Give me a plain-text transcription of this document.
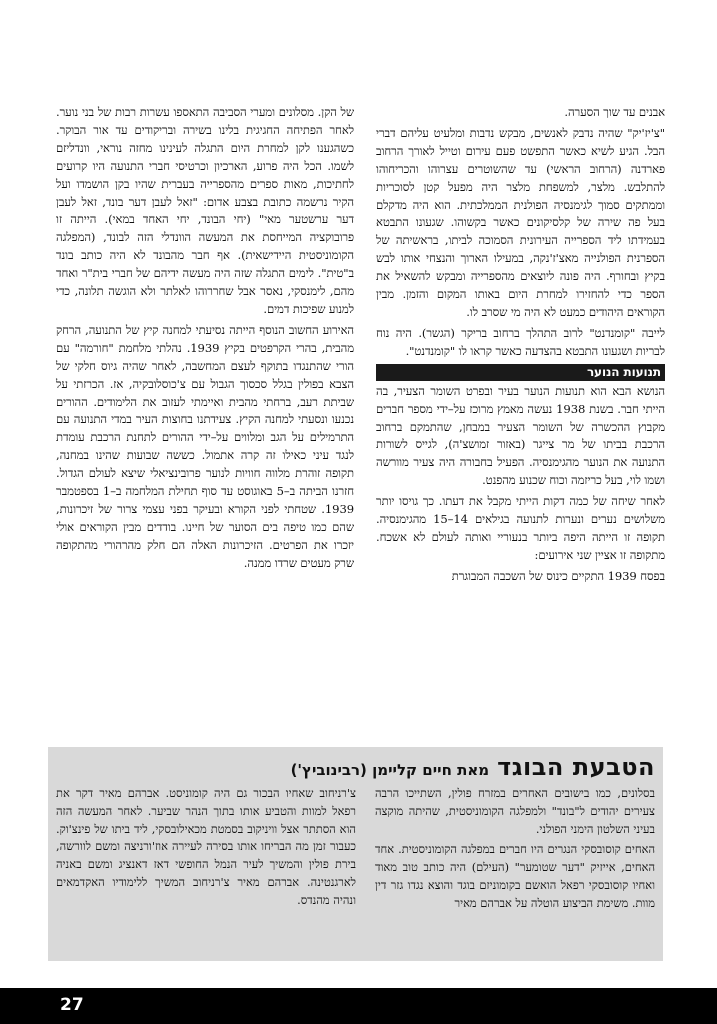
אבנים עד שוך הסערה.

"צ'יז'יק" שהיה נדבק לאנשים, מבקש נדבות ומלעיט עליהם דברי הבל. הגיע לשיא כאשר התפשט פעם עירום וטייל לאורך הרחוב פארדנה (הרחוב הראשי) עד שהשוטרים עצרוהו והכריחוהו להתלבש. מלצר, למשפחת מלצר היה מפעל קטן לסוכריות וממתקים סמוך לגימנסיה הפולנית הממלכתית. הוא היה מדקלם בעל פה שירה של קלסיקונים כאשר בקשוהו. שגעונו התבטא בעמידתו ליד הספרייה העירונית הסמוכה לביתו, בראשיתה של הספרנית הפולנייה מאצ'ז'נקה, במעילו הארוך והנצחי אותו לבש בקיץ ובחורף. היה פונה ליוצאים מהספרייה ומבקש להשאיל את הספר כדי להחזירו למחרת היום באותו המקום והזמן. מבין הקוראים היהודים כמעט לא היה מי שסרב לו.

לייבה "קומנדנט" לרוב התהלך ברחוב בריקר (הגשר). היה נוח לבריות ושגעונו התבטא בהצדעה כאשר קראו לו "קומנדנט".

תנועות הנוער

הנושא הבא הוא תנועות הנוער בעיר ובפרט השומר הצעיר, בה הייתי חבר. בשנת 1938 נעשה מאמץ מרוכז על–ידי מספר חברים מקבוץ ההכשרה של השומר הצעיר במבחן, שהתמקם ברחוב הרכבת בביתו של מר צייגר (באזור זמושצ'ה), לגייס לשורות התנועה את הנוער מהגימנסיה. הפעיל בחבורה היה צעיר מוורשה ושמו לוי, בעל כריזמה וכוח שכנוע מהפנט.

לאחר שיחה של כמה דקות הייתי מקבל את דעתו. כך גויסו יותר משלושים נערים ונערות לתנועה בגילאים 14–15 מהגימנסיה. תקופה זו הייתה היפה ביותר בנעוריי ואותה לעולם לא אשכח. מתקופה זו אציין שני אירועים:

בפסח 1939 התקיים כינוס של השכבה המבוגרת

של הקן. מסלונים ומערי הסביבה התאספו עשרות רבות של בני נוער. לאחר הפתיחה החגיגית בלינו בשירה ובריקודים עד אור הבוקר. כשהגענו לקן למחרת היום התגלה לעינינו מחזה נוראי, וונדליזם לשמו. הכל היה פרוע, הארכיון וכרטיסי חברי התנועה היו קרועים לחתיכות, מאות ספרים מהספרייה בעברית שהיו בקן הושמדו ועל הקיר נרשמה כתובת בצבע אדום: "זאל לעבן דער בונד, זאל לעבן דער ערשטער מאי" (יחי הבונד, יחי האחד במאי). הייתה זו פרובוקציה המייחסת את המעשה הוונדלי הזה לבונד, (המפלגה הקומוניסטית היידישאית). אף חבר מהבונד לא היה כותב בונד ב"טית". לימים התגלה שזה היה מעשה ידיהם של חברי בית"ר ואחד מהם, לימנסקי, נאסר אבל שחררוהו לאלתר ולא הוגשה תלונה, כדי למנוע שפיכות דמים.

האירוע החשוב הנוסף הייתה נסיעתי למחנה קיץ של התנועה, הרחק מהבית, בהרי הקרפטים בקיץ 1939. נהלתי מלחמת "חורמה" עם הורי שהתנגדו בתוקף לעצם המחשבה, לאחר שהיה גיוס חלקי של הצבא בפולין בגלל סכסוך הגבול עם צ'כוסלובקיה, אז. הכרזתי על שביתת רעב, ברחתי מהבית ואיימתי לעזוב את הלימודים. ההורים נכנעו ונסעתי למחנה הקיץ. צעידתנו בחוצות העיר במדי התנועה עם התרמילים על הגב ומלווים על–ידי ההורים לתחנת הרכבת עומדת לנגד עיני כאילו זה קרה אתמול. כששה שבועות שהינו במחנה, תקופה זוהרת מלווה חוויות לנוער פרובינציאלי שיצא לעולם הגדול. חזרנו הביתה ב–5 באוגוסט עד סוף תחילת המלחמה ב–1 בספטמבר 1939. שטחתי לפני הקורא ובעיקר בפני עצמי צרור של זיכרונות, שהם כמו טיפה בים הסוער של חיינו. בודדים מבין הקוראים אולי יזכרו את הפרטים. הזיכרונות האלה הם חלק מהרהורי מהתקופה שרק מעטים שרדו ממנה.

הטבעת הבוגד
מאת חיים קליימן (רבינוביץ')

בסלונים, כמו בישובים האחרים במזרח פולין, השתייכו הרבה צעירים יהודים ל"בונד" ולמפלגה הקומוניסטית, שהיתה מוקצה בעיני השלטון הימני הפולני.

האחים קוסובסקי הנגרים היו חברים במפלגה הקומוניסטית. אחד האחים, אייזיק "דער שטומער" (העילם) היה כותב טוב מאוד ואחיו קוסובסקי רפאל הואשם בקומוניזם בוגד והוצא נגדו גזר דין מוות. משימת הביצוע הוטלה על אברהם מאיר

צ'רניחוב שאחיו הבכור גם היה קומוניסט. אברהם מאיר דקר את רפאל למוות והטביע אותו בתוך הנהר שביער. לאחר המעשה הזה הוא הסתתר אצל וויניקוב בסמטת מכאילובסקי, ליד ביתו של פינצ'וק. כעבור זמן מה הבריחו אותו בסירה לעיירה אוז'ורניצה ומשם לוורשה, בירת פולין והמשיך לעיר הנמל החופשי דאז דאנציג ומשם באניה לארגנטינה. אברהם מאיר צ'רניחוב המשיך ללימודיו האקדמאים ונהיה מהנדס.

27
